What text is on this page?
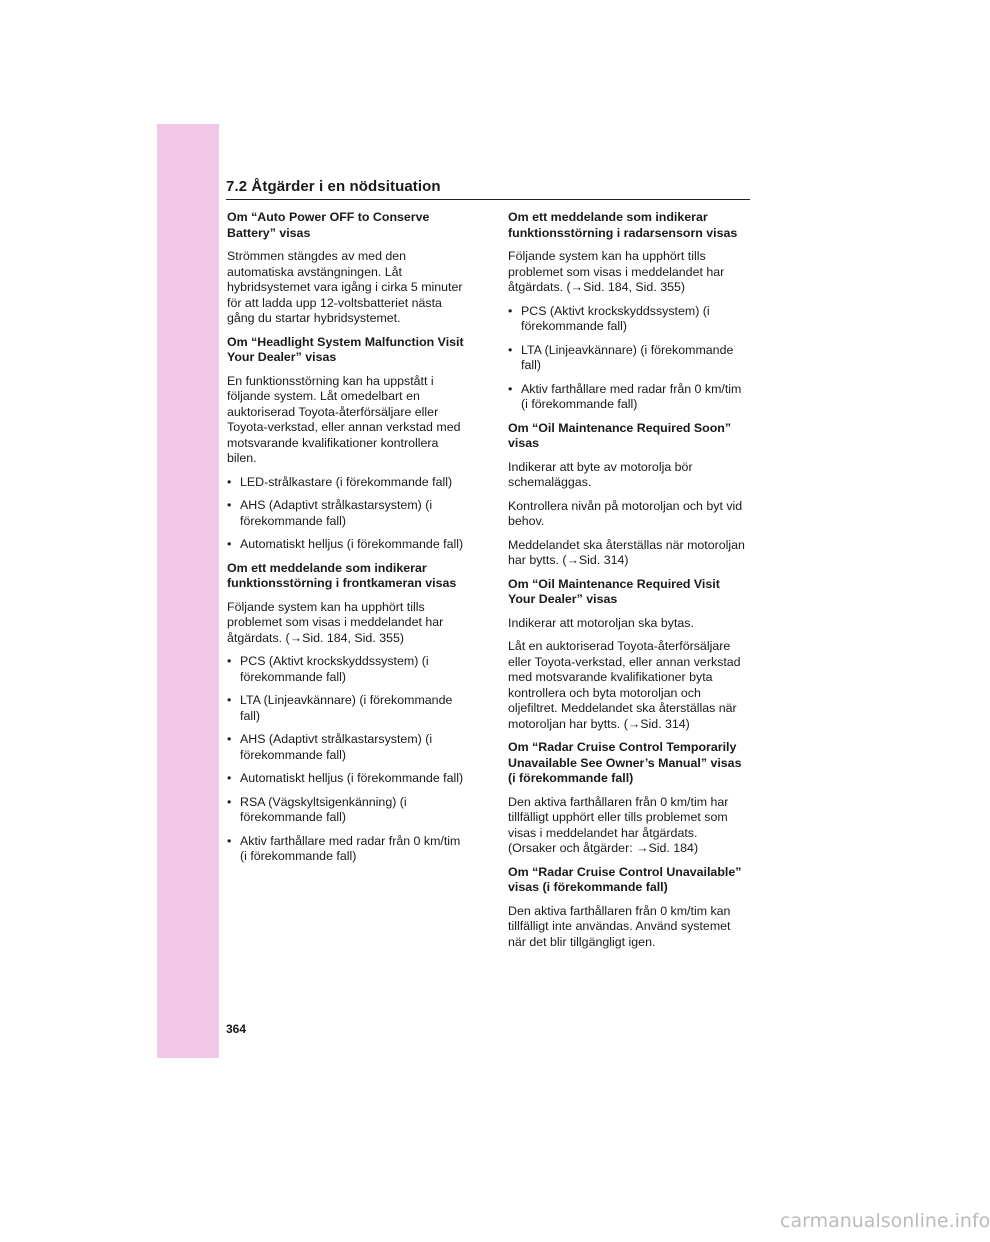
7.2 Åtgärder i en nödsituation
Om “Auto Power OFF to Conserve Battery” visas
Strömmen stängdes av med den automatiska avstängningen. Låt hybridsystemet vara igång i cirka 5 minuter för att ladda upp 12-voltsbatteriet nästa gång du startar hybridsystemet.
Om “Headlight System Malfunction Visit Your Dealer” visas
En funktionsstörning kan ha uppstått i följande system. Låt omedelbart en auktoriserad Toyota-återförsäljare eller Toyota-verkstad, eller annan verkstad med motsvarande kvalifikationer kontrollera bilen.
• LED-strålkastare (i förekommande fall)
• AHS (Adaptivt strålkastarsystem) (i förekommande fall)
• Automatiskt helljus (i förekommande fall)
Om ett meddelande som indikerar funktionsstörning i frontkameran visas
Följande system kan ha upphört tills problemet som visas i meddelandet har åtgärdats. (→Sid. 184, Sid. 355)
• PCS (Aktivt krockskyddssystem) (i förekommande fall)
• LTA (Linjeavkännare) (i förekommande fall)
• AHS (Adaptivt strålkastarsystem) (i förekommande fall)
• Automatiskt helljus (i förekommande fall)
• RSA (Vägskyltsigenkänning) (i förekommande fall)
• Aktiv farthållare med radar från 0 km/tim (i förekommande fall)
Om ett meddelande som indikerar funktionsstörning i radarsensorn visas
Följande system kan ha upphört tills problemet som visas i meddelandet har åtgärdats. (→Sid. 184, Sid. 355)
• PCS (Aktivt krockskyddssystem) (i förekommande fall)
• LTA (Linjeavkännare) (i förekommande fall)
• Aktiv farthållare med radar från 0 km/tim (i förekommande fall)
Om “Oil Maintenance Required Soon” visas
Indikerar att byte av motorolja bör schemaläggas.
Kontrollera nivån på motoroljan och byt vid behov.
Meddelandet ska återställas när motoroljan har bytts. (→Sid. 314)
Om “Oil Maintenance Required Visit Your Dealer” visas
Indikerar att motoroljan ska bytas.
Låt en auktoriserad Toyota-återförsäljare eller Toyota-verkstad, eller annan verkstad med motsvarande kvalifikationer byta kontrollera och byta motoroljan och oljefiltret. Meddelandet ska återställas när motoroljan har bytts. (→Sid. 314)
Om “Radar Cruise Control Temporarily Unavailable See Owner’s Manual” visas (i förekommande fall)
Den aktiva farthållaren från 0 km/tim har tillfälligt upphört eller tills problemet som visas i meddelandet har åtgärdats. (Orsaker och åtgärder: →Sid. 184)
Om “Radar Cruise Control Unavailable” visas (i förekommande fall)
Den aktiva farthållaren från 0 km/tim kan tillfälligt inte användas. Använd systemet när det blir tillgängligt igen.
364
carmanualsonline.info
